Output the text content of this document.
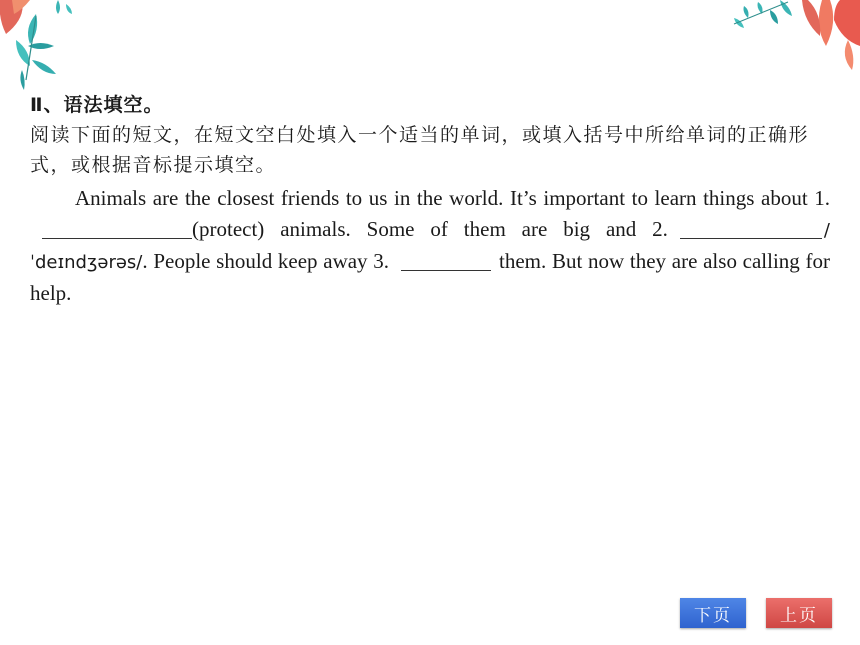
Ⅱ、语法填空。
阅读下面的短文，在短文空白处填入一个适当的单词，或填入括号中所给单词的正确形式，或根据音标提示填空。
Animals are the closest friends to us in the world. It’s important to learn things about 1.(protect) animals. Some of them are big and 2.	/ˈdeɪndʒərəs/. People should keep away 3.	them. But now they are also calling for help.
下页	上页
